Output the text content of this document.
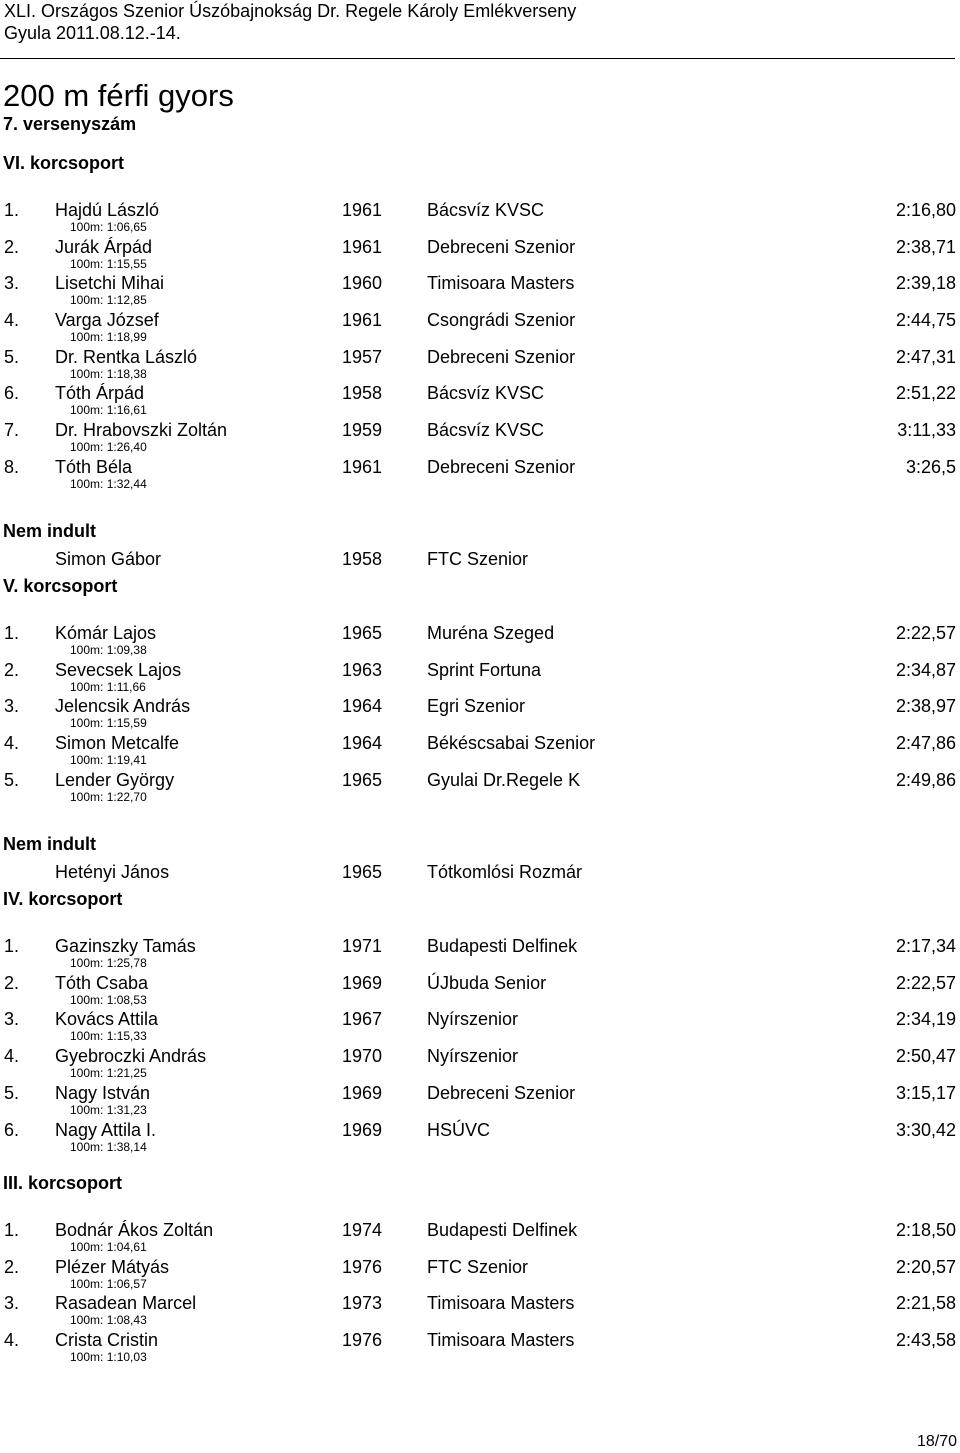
XLI. Országos Szenior Úszóbajnokság Dr. Regele Károly Emlékverseny
Gyula 2011.08.12.-14.
200 m férfi gyors
7. versenyszám
VI. korcsoport
1. Hajdú László	1961 Bácsvíz KVSC	2:16,80
100m: 1:06,65
2. Jurák Árpád	1961 Debreceni Szenior	2:38,71
100m: 1:15,55
3. Lisetchi Mihai	1960 Timisoara Masters	2:39,18
100m: 1:12,85
4. Varga József	1961 Csongrádi Szenior	2:44,75
100m: 1:18,99
5. Dr. Rentka László	1957 Debreceni Szenior	2:47,31
100m: 1:18,38
6. Tóth Árpád	1958 Bácsvíz KVSC	2:51,22
100m: 1:16,61
7. Dr. Hrabovszki Zoltán	1959 Bácsvíz KVSC	3:11,33
100m: 1:26,40
8. Tóth Béla	1961 Debreceni Szenior	3:26,5
100m: 1:32,44
Nem indult
Simon Gábor	1958 FTC Szenior
V. korcsoport
1. Kómár Lajos	1965 Muréna Szeged	2:22,57
100m: 1:09,38
2. Sevecsek Lajos	1963 Sprint Fortuna	2:34,87
100m: 1:11,66
3. Jelencsik András	1964 Egri Szenior	2:38,97
100m: 1:15,59
4. Simon Metcalfe	1964 Békéscsabai Szenior	2:47,86
100m: 1:19,41
5. Lender György	1965 Gyulai Dr.Regele K	2:49,86
100m: 1:22,70
Nem indult
Hetényi János	1965 Tótkomlósi Rozmár
IV. korcsoport
1. Gazinszky Tamás	1971 Budapesti Delfinek	2:17,34
100m: 1:25,78
2. Tóth Csaba	1969 ÚJbuda Senior	2:22,57
100m: 1:08,53
3. Kovács Attila	1967 Nyírszenior	2:34,19
100m: 1:15,33
4. Gyebroczki András	1970 Nyírszenior	2:50,47
100m: 1:21,25
5. Nagy István	1969 Debreceni Szenior	3:15,17
100m: 1:31,23
6. Nagy Attila I.	1969 HSÚVC	3:30,42
100m: 1:38,14
III. korcsoport
1. Bodnár Ákos Zoltán	1974 Budapesti Delfinek	2:18,50
100m: 1:04,61
2. Plézer Mátyás	1976 FTC Szenior	2:20,57
100m: 1:06,57
3. Rasadean Marcel	1973 Timisoara Masters	2:21,58
100m: 1:08,43
4. Crista Cristin	1976 Timisoara Masters	2:43,58
100m: 1:10,03
18/70
